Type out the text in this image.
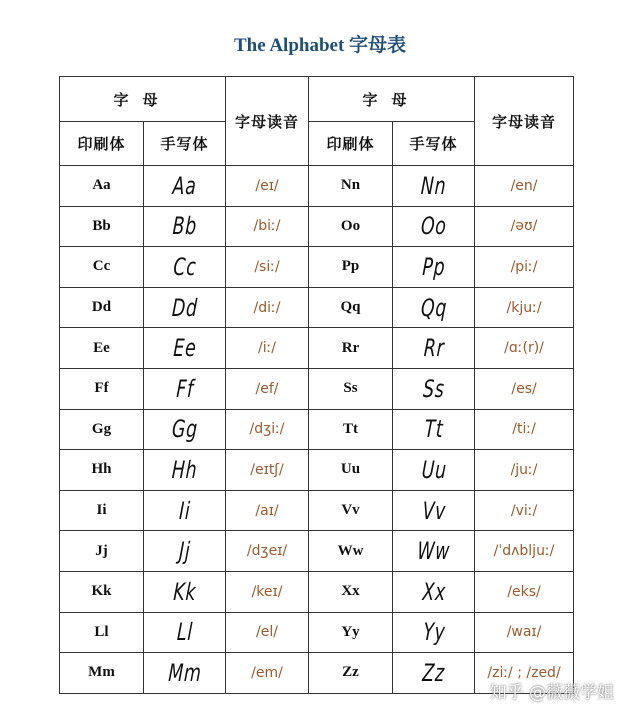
The Alphabet 字母表
字母		字母读音	字母		字母读音
印刷体	手写体		印刷体	手写体	
Aa	Aa	/eɪ/	Nn	Nn	/en/
Bb	Bb	/biː/	Oo	Oo	/əʊ/
Cc	Cc	/siː/	Pp	Pp	/piː/
Dd	Dd	/diː/	Qq	Qq	/kjuː/
Ee	Ee	/iː/	Rr	Rr	/ɑː(r)/
Ff	Ff	/ef/	Ss	Ss	/es/
Gg	Gg	/dʒiː/	Tt	Tt	/tiː/
Hh	Hh	/eɪtʃ/	Uu	Uu	/juː/
Ii	Ii	/aɪ/	Vv	Vv	/viː/
Jj	Jj	/dʒeɪ/	Ww	Ww	/ˈdʌbljuː/
Kk	Kk	/keɪ/	Xx	Xx	/eks/
Ll	Ll	/el/	Yy	Yy	/waɪ/
Mm	Mm	/em/	Zz	Zz	/ziː/ ; /zed/
知乎 @薇薇学姐
